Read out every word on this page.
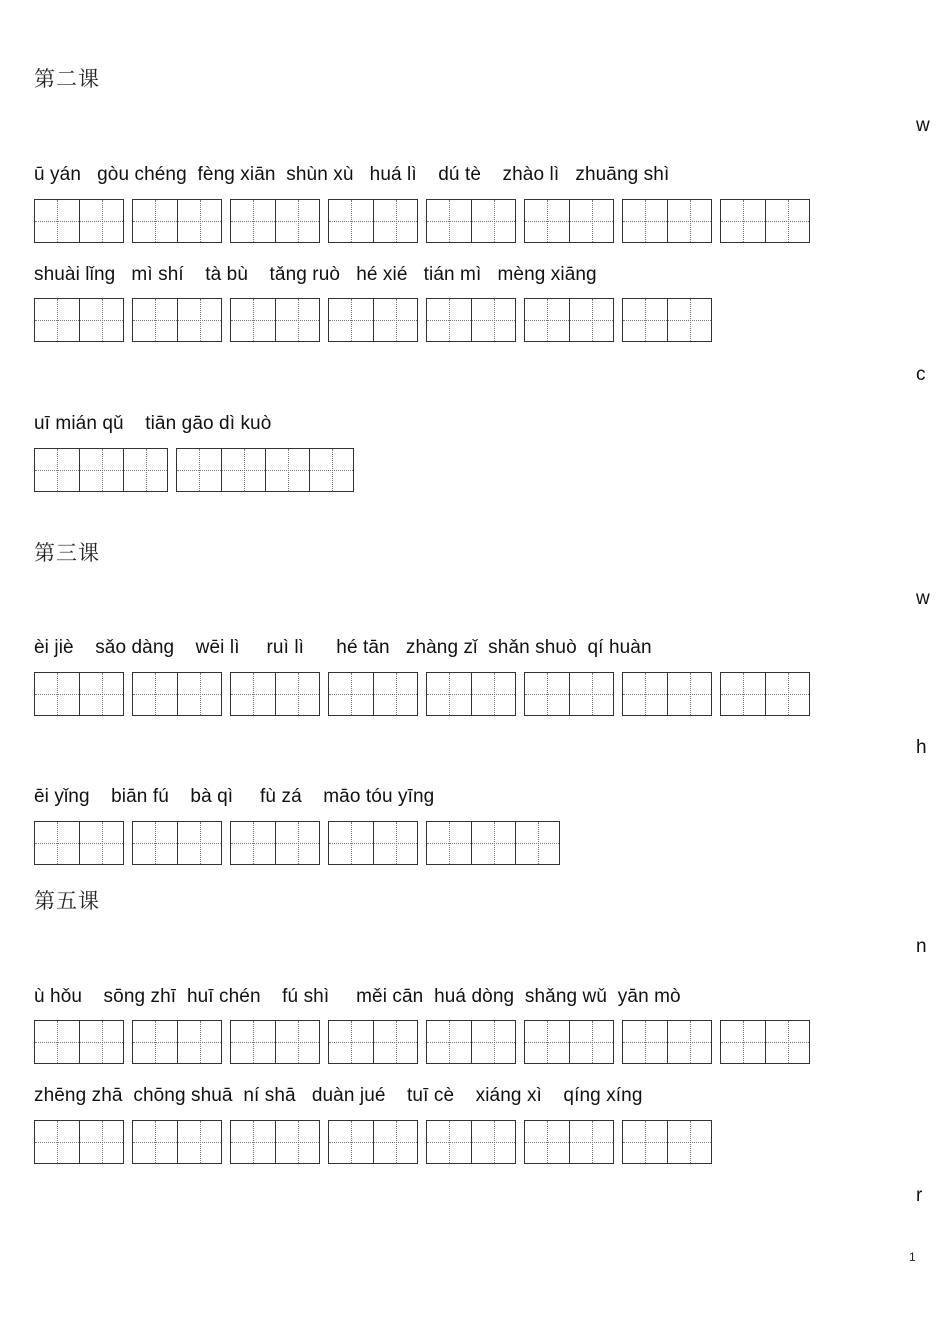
第二课
w
ū yán   gòu chéng  fèng xiān  shùn xù   huá lì    dú tè    zhào lì   zhuāng shì
shuài lǐng   mì shí    tà bù    tǎng ruò   hé xié   tián mì   mèng xiāng
c
uī mián qǔ    tiān gāo dì kuò
第三课
w
èi jiè    sǎo dàng    wēi lì     ruì lì      hé tān   zhàng zǐ  shǎn shuò  qí huàn
h
ēi yǐng    biān fú    bà qì     fù zá    māo tóu yīng
第五课
n
ù hǒu    sōng zhī  huī chén    fú shì     měi cān  huá dòng  shǎng wǔ  yān mò
zhēng zhā  chōng shuā  ní shā   duàn jué    tuī cè    xiáng xì    qíng xíng
r
1
